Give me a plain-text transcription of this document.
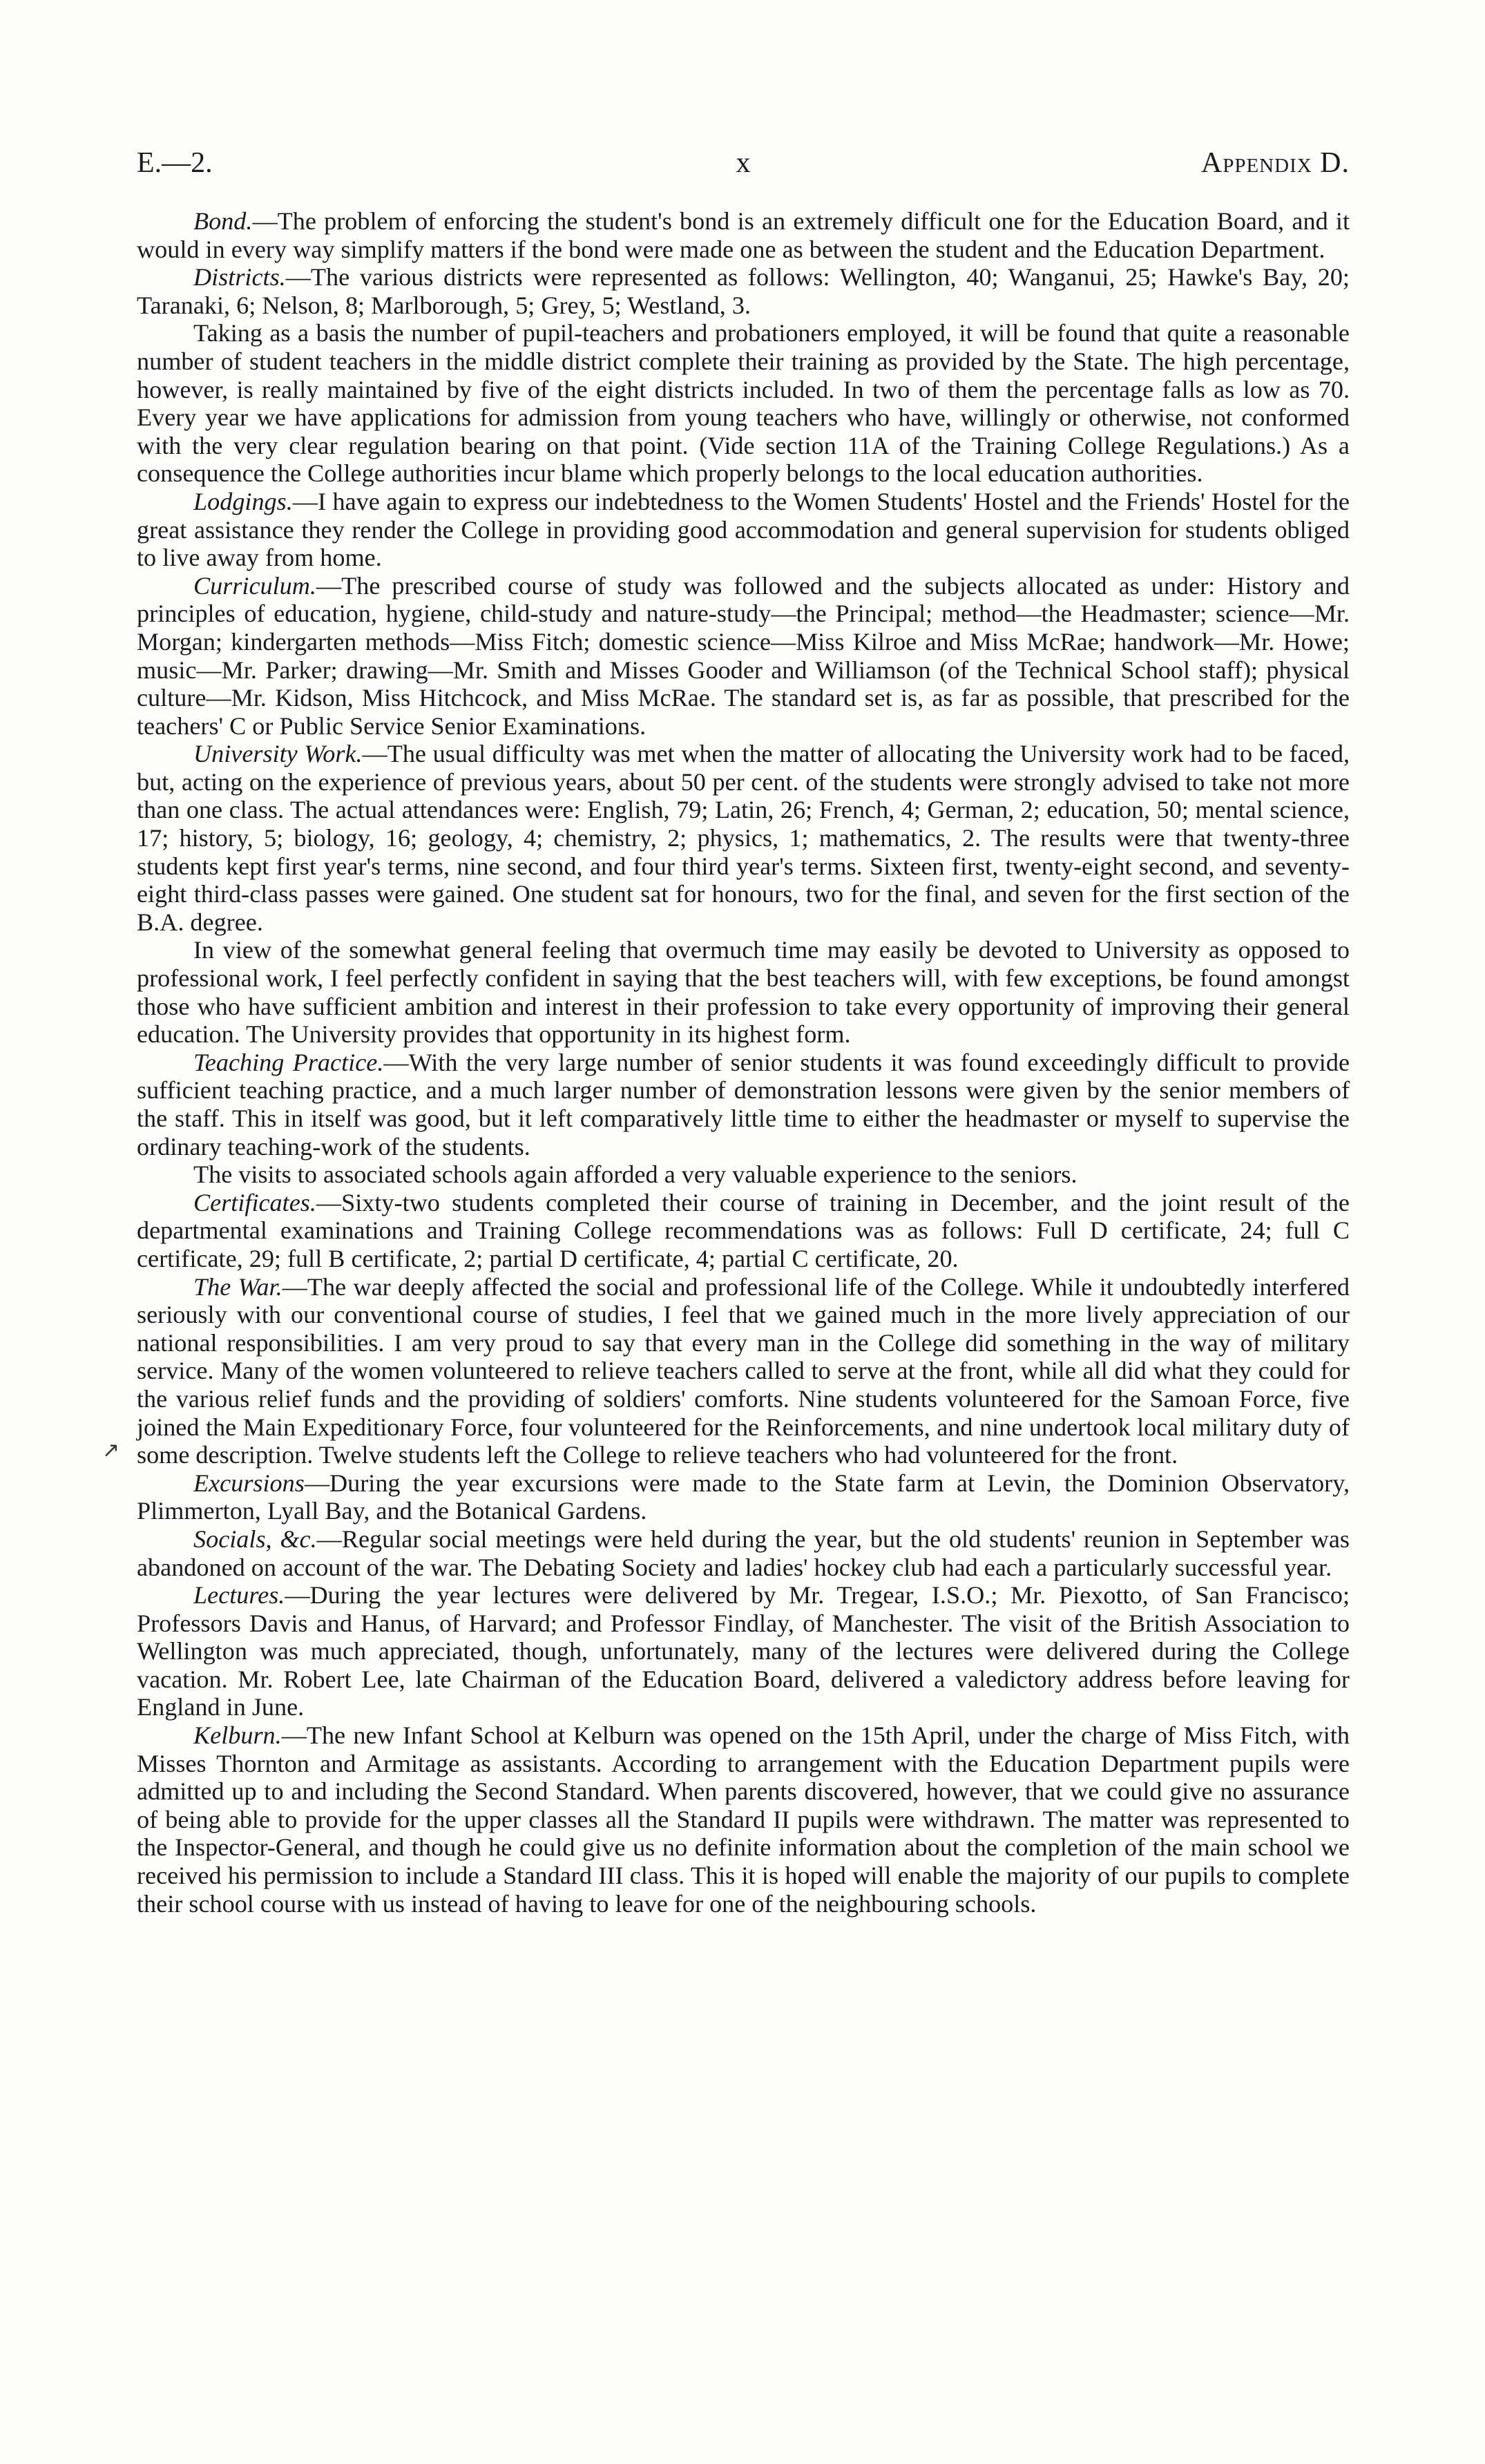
E.—2.	x	Appendix D.
↗

Bond.—The problem of enforcing the student's bond is an extremely difficult one for the Education Board, and it would in every way simplify matters if the bond were made one as between the student and the Education Department.

Districts.—The various districts were represented as follows: Wellington, 40; Wanganui, 25; Hawke's Bay, 20; Taranaki, 6; Nelson, 8; Marlborough, 5; Grey, 5; Westland, 3.

Taking as a basis the number of pupil-teachers and probationers employed, it will be found that quite a reasonable number of student teachers in the middle district complete their training as provided by the State. The high percentage, however, is really maintained by five of the eight districts included. In two of them the percentage falls as low as 70. Every year we have applications for admission from young teachers who have, willingly or otherwise, not conformed with the very clear regulation bearing on that point. (Vide section 11A of the Training College Regulations.) As a consequence the College authorities incur blame which properly belongs to the local education authorities.

Lodgings.—I have again to express our indebtedness to the Women Students' Hostel and the Friends' Hostel for the great assistance they render the College in providing good accommodation and general supervision for students obliged to live away from home.

Curriculum.—The prescribed course of study was followed and the subjects allocated as under: History and principles of education, hygiene, child-study and nature-study—the Principal; method—the Headmaster; science—Mr. Morgan; kindergarten methods—Miss Fitch; domestic science—Miss Kilroe and Miss McRae; handwork—Mr. Howe; music—Mr. Parker; drawing—Mr. Smith and Misses Gooder and Williamson (of the Technical School staff); physical culture—Mr. Kidson, Miss Hitchcock, and Miss McRae. The standard set is, as far as possible, that prescribed for the teachers' C or Public Service Senior Examinations.

University Work.—The usual difficulty was met when the matter of allocating the University work had to be faced, but, acting on the experience of previous years, about 50 per cent. of the students were strongly advised to take not more than one class. The actual attendances were: English, 79; Latin, 26; French, 4; German, 2; education, 50; mental science, 17; history, 5; biology, 16; geology, 4; chemistry, 2; physics, 1; mathematics, 2. The results were that twenty-three students kept first year's terms, nine second, and four third year's terms. Sixteen first, twenty-eight second, and seventy-eight third-class passes were gained. One student sat for honours, two for the final, and seven for the first section of the B.A. degree.

In view of the somewhat general feeling that overmuch time may easily be devoted to University as opposed to professional work, I feel perfectly confident in saying that the best teachers will, with few exceptions, be found amongst those who have sufficient ambition and interest in their profession to take every opportunity of improving their general education. The University provides that opportunity in its highest form.

Teaching Practice.—With the very large number of senior students it was found exceedingly difficult to provide sufficient teaching practice, and a much larger number of demonstration lessons were given by the senior members of the staff. This in itself was good, but it left comparatively little time to either the headmaster or myself to supervise the ordinary teaching-work of the students.

The visits to associated schools again afforded a very valuable experience to the seniors.

Certificates.—Sixty-two students completed their course of training in December, and the joint result of the departmental examinations and Training College recommendations was as follows: Full D certificate, 24; full C certificate, 29; full B certificate, 2; partial D certificate, 4; partial C certificate, 20.

The War.—The war deeply affected the social and professional life of the College. While it undoubtedly interfered seriously with our conventional course of studies, I feel that we gained much in the more lively appreciation of our national responsibilities. I am very proud to say that every man in the College did something in the way of military service. Many of the women volunteered to relieve teachers called to serve at the front, while all did what they could for the various relief funds and the providing of soldiers' comforts. Nine students volunteered for the Samoan Force, five joined the Main Expeditionary Force, four volunteered for the Reinforcements, and nine undertook local military duty of some description. Twelve students left the College to relieve teachers who had volunteered for the front.

Excursions—During the year excursions were made to the State farm at Levin, the Dominion Observatory, Plimmerton, Lyall Bay, and the Botanical Gardens.

Socials, &c.—Regular social meetings were held during the year, but the old students' reunion in September was abandoned on account of the war. The Debating Society and ladies' hockey club had each a particularly successful year.

Lectures.—During the year lectures were delivered by Mr. Tregear, I.S.O.; Mr. Piexotto, of San Francisco; Professors Davis and Hanus, of Harvard; and Professor Findlay, of Manchester. The visit of the British Association to Wellington was much appreciated, though, unfortunately, many of the lectures were delivered during the College vacation. Mr. Robert Lee, late Chairman of the Education Board, delivered a valedictory address before leaving for England in June.

Kelburn.—The new Infant School at Kelburn was opened on the 15th April, under the charge of Miss Fitch, with Misses Thornton and Armitage as assistants. According to arrangement with the Education Department pupils were admitted up to and including the Second Standard. When parents discovered, however, that we could give no assurance of being able to provide for the upper classes all the Standard II pupils were withdrawn. The matter was represented to the Inspector-General, and though he could give us no definite information about the completion of the main school we received his permission to include a Standard III class. This it is hoped will enable the majority of our pupils to complete their school course with us instead of having to leave for one of the neighbouring schools.
